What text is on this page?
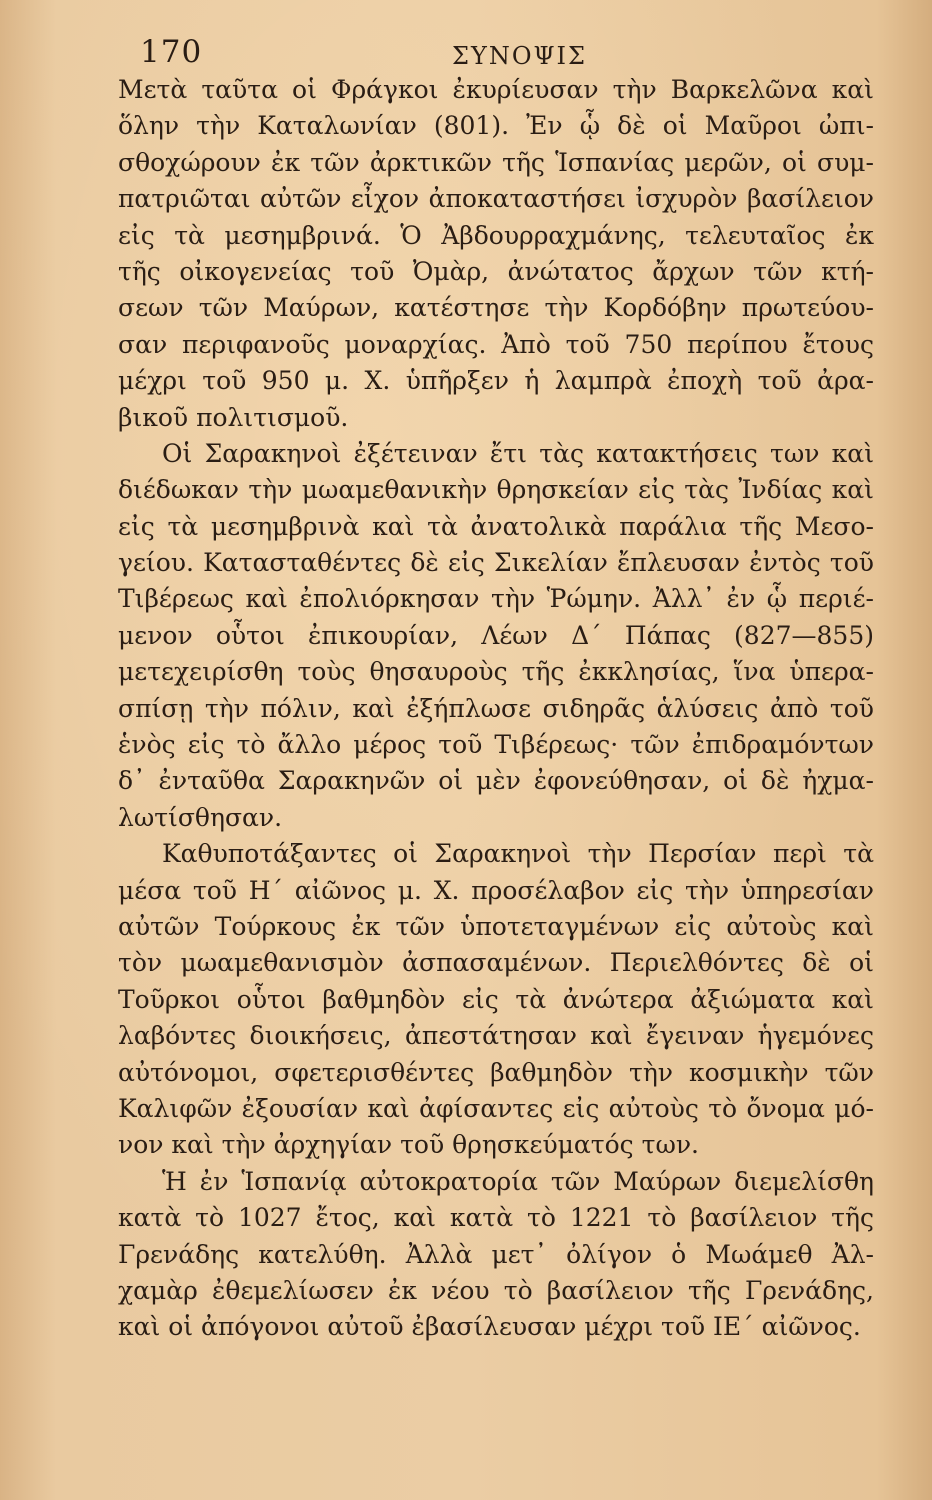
170	ΣΥΝΟΨΙΣ
Μετὰ ταῦτα οἱ Φράγκοι ἐκυρίευσαν τὴν Βαρκελῶνα καὶ
ὅλην τὴν Καταλωνίαν (801). Ἐν ᾧ δὲ οἱ Μαῦροι ὠπι-
σθοχώρουν ἐκ τῶν ἀρκτικῶν τῆς Ἱσπανίας μερῶν, οἱ συμ-
πατριῶται αὐτῶν εἶχον ἀποκαταστήσει ἰσχυρὸν βασίλειον
εἰς τὰ μεσημβρινά. Ὁ Ἀβδουρραχμάνης, τελευταῖος ἐκ
τῆς οἰκογενείας τοῦ Ὀμὰρ, ἀνώτατος ἄρχων τῶν κτή-
σεων τῶν Μαύρων, κατέστησε τὴν Κορδόβην πρωτεύου-
σαν περιφανοῦς μοναρχίας. Ἀπὸ τοῦ 750 περίπου ἔτους
μέχρι τοῦ 950 μ. Χ. ὑπῆρξεν ἡ λαμπρὰ ἐποχὴ τοῦ ἀρα-
βικοῦ πολιτισμοῦ.
Οἱ Σαρακηνοὶ ἐξέτειναν ἔτι τὰς κατακτήσεις των καὶ
διέδωκαν τὴν μωαμεθανικὴν θρησκείαν εἰς τὰς Ἰνδίας καὶ
εἰς τὰ μεσημβρινὰ καὶ τὰ ἀνατολικὰ παράλια τῆς Μεσο-
γείου. Κατασταθέντες δὲ εἰς Σικελίαν ἔπλευσαν ἐντὸς τοῦ
Τιβέρεως καὶ ἐπολιόρκησαν τὴν Ῥώμην. Ἀλλ᾽ ἐν ᾧ περιέ-
μενον οὗτοι ἐπικουρίαν, Λέων Δ΄ Πάπας (827—855)
μετεχειρίσθη τοὺς θησαυροὺς τῆς ἐκκλησίας, ἵνα ὑπερα-
σπίσῃ τὴν πόλιν, καὶ ἐξήπλωσε σιδηρᾶς ἁλύσεις ἀπὸ τοῦ
ἑνὸς εἰς τὸ ἄλλο μέρος τοῦ Τιβέρεως· τῶν ἐπιδραμόντων
δ᾽ ἐνταῦθα Σαρακηνῶν οἱ μὲν ἐφονεύθησαν, οἱ δὲ ἠχμα-
λωτίσθησαν.
Καθυποτάξαντες οἱ Σαρακηνοὶ τὴν Περσίαν περὶ τὰ
μέσα τοῦ Η΄ αἰῶνος μ. Χ. προσέλαβον εἰς τὴν ὑπηρεσίαν
αὐτῶν Τούρκους ἐκ τῶν ὑποτεταγμένων εἰς αὐτοὺς καὶ
τὸν μωαμεθανισμὸν ἀσπασαμένων. Περιελθόντες δὲ οἱ
Τοῦρκοι οὗτοι βαθμηδὸν εἰς τὰ ἀνώτερα ἀξιώματα καὶ
λαβόντες διοικήσεις, ἀπεστάτησαν καὶ ἔγειναν ἡγεμόνες
αὐτόνομοι, σφετερισθέντες βαθμηδὸν τὴν κοσμικὴν τῶν
Καλιφῶν ἐξουσίαν καὶ ἀφίσαντες εἰς αὐτοὺς τὸ ὄνομα μό-
νον καὶ τὴν ἀρχηγίαν τοῦ θρησκεύματός των.
Ἡ ἐν Ἱσπανίᾳ αὐτοκρατορία τῶν Μαύρων διεμελίσθη
κατὰ τὸ 1027 ἔτος, καὶ κατὰ τὸ 1221 τὸ βασίλειον τῆς
Γρενάδης κατελύθη. Ἀλλὰ μετ᾽ ὀλίγον ὁ Μωάμεθ Ἀλ-
χαμὰρ ἐθεμελίωσεν ἐκ νέου τὸ βασίλειον τῆς Γρενάδης,
καὶ οἱ ἀπόγονοι αὐτοῦ ἐβασίλευσαν μέχρι τοῦ ΙΕ΄ αἰῶνος.
